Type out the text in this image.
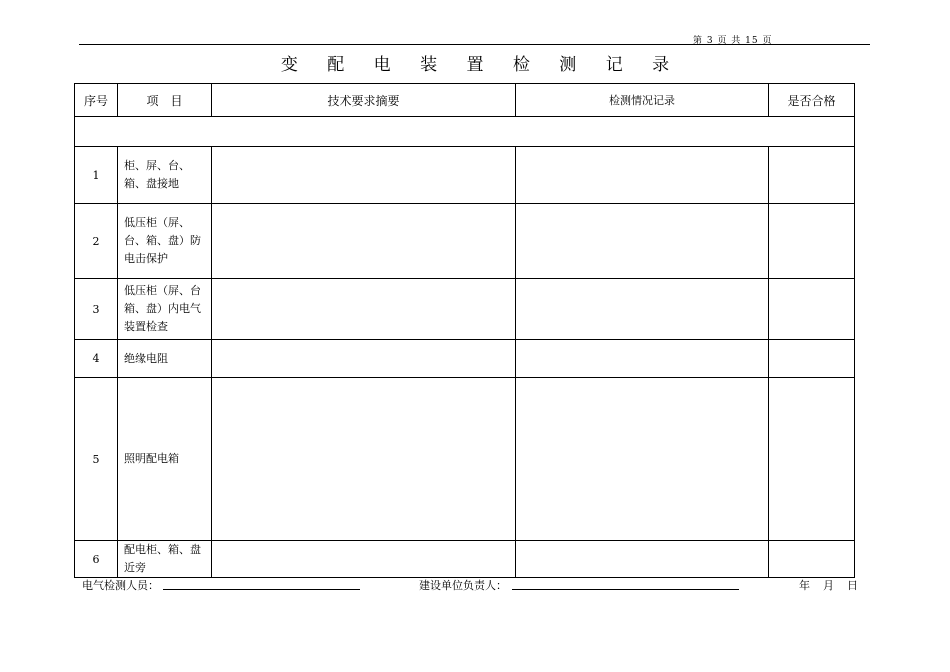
第 3 页 共 15 页
变 配 电 装 置 检 测 记 录
序号	项　目	技术要求摘要	检测情况记录	是否合格

1	柜、屏、台、箱、盘接地			
2	低压柜（屏、台、箱、盘）防电击保护			
3	低压柜（屏、台箱、盘）内电气装置检查			
4	绝缘电阻			
5	照明配电箱			
6	配电柜、箱、盘近旁			
电气检测人员：	建设单位负责人：	年 月 日
